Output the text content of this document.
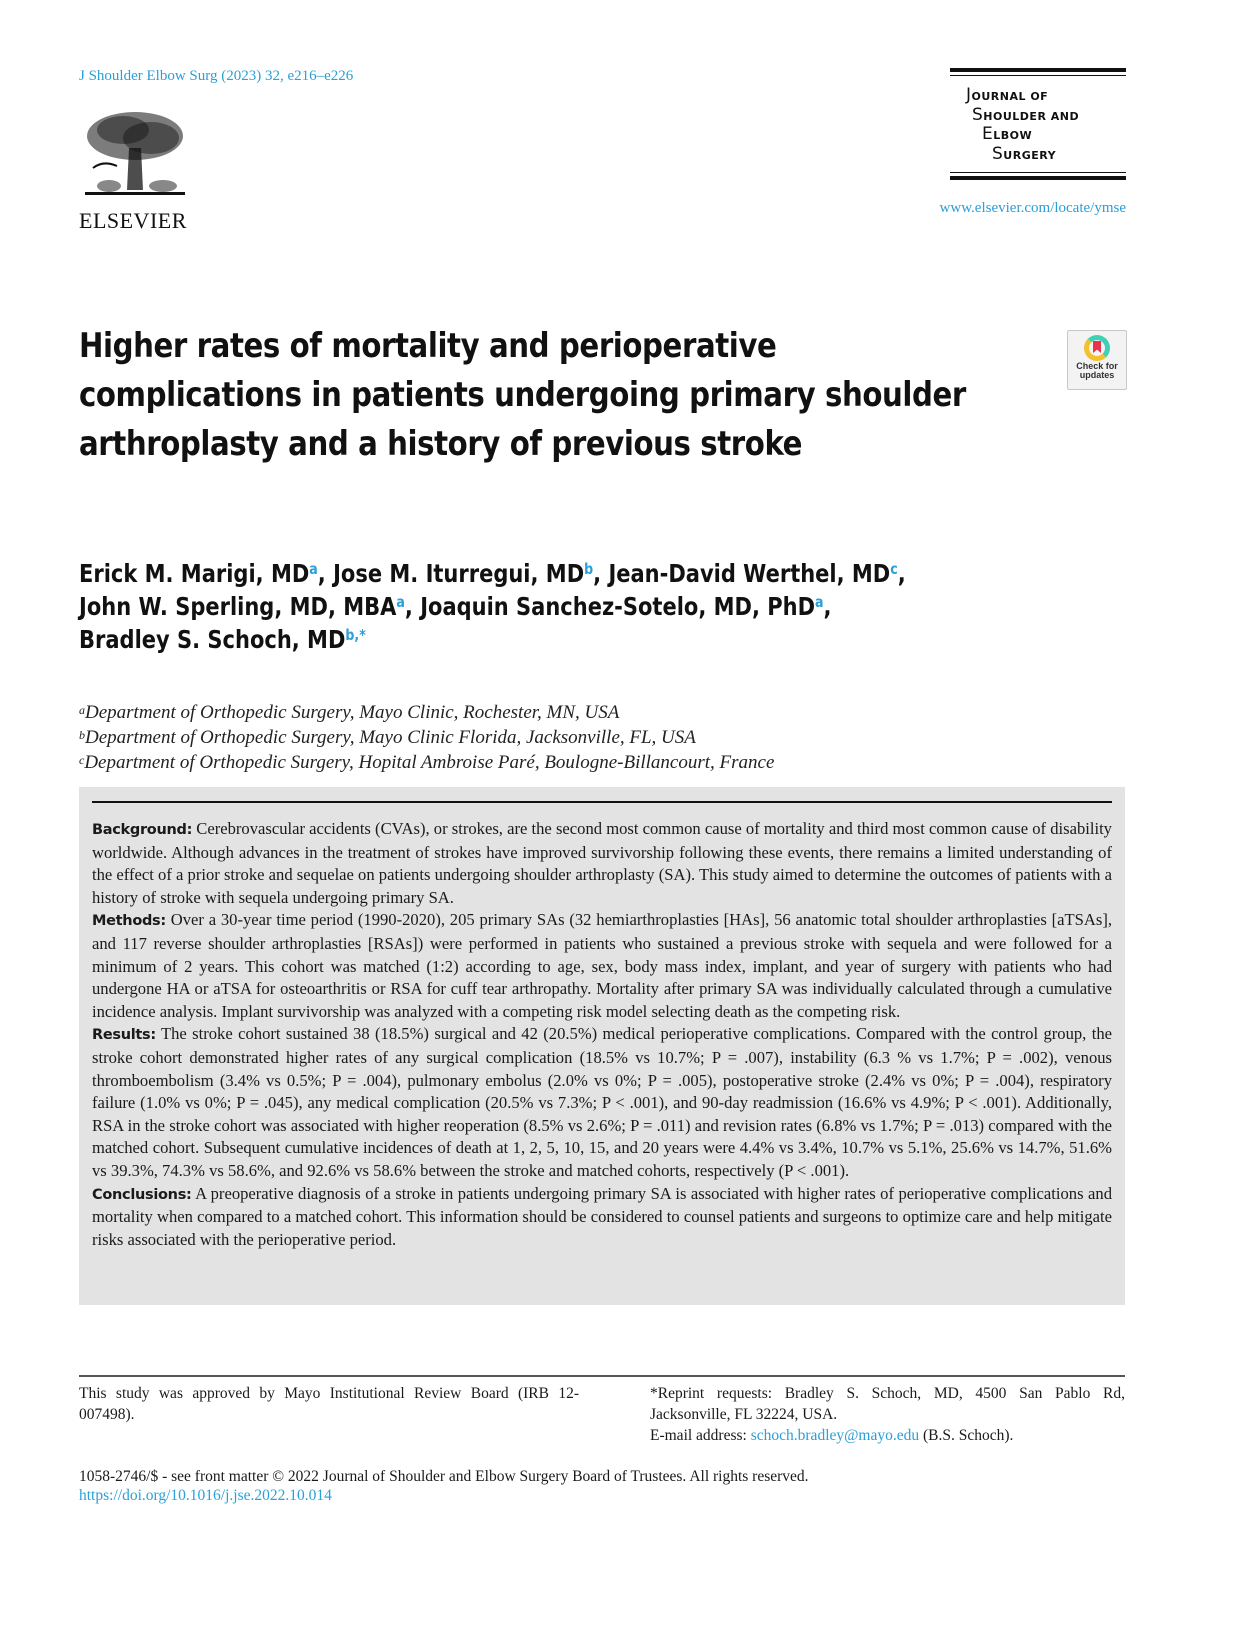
J Shoulder Elbow Surg (2023) 32, e216–e226
ELSEVIER
JOURNAL OF
SHOULDER AND
ELBOW
SURGERY
www.elsevier.com/locate/ymse
Higher rates of mortality and perioperative complications in patients undergoing primary shoulder arthroplasty and a history of previous stroke
Check for
updates
Erick M. Marigi, MD$^a$, Jose M. Iturregui, MD$^b$, Jean-David Werthel, MD$^c$,
John W. Sperling, MD, MBA$^a$, Joaquin Sanchez-Sotelo, MD, PhD$^a$,
Bradley S. Schoch, MD$^{b,*}$
$^a$Department of Orthopedic Surgery, Mayo Clinic, Rochester, MN, USA
$^b$Department of Orthopedic Surgery, Mayo Clinic Florida, Jacksonville, FL, USA
$^c$Department of Orthopedic Surgery, Hopital Ambroise Paré, Boulogne-Billancourt, France

Background: Cerebrovascular accidents (CVAs), or strokes, are the second most common cause of mortality and third most common cause of disability worldwide. Although advances in the treatment of strokes have improved survivorship following these events, there remains a limited understanding of the effect of a prior stroke and sequelae on patients undergoing shoulder arthroplasty (SA). This study aimed to determine the outcomes of patients with a history of stroke with sequela undergoing primary SA.

Methods: Over a 30-year time period (1990-2020), 205 primary SAs (32 hemiarthroplasties [HAs], 56 anatomic total shoulder arthroplasties [aTSAs], and 117 reverse shoulder arthroplasties [RSAs]) were performed in patients who sustained a previous stroke with sequela and were followed for a minimum of 2 years. This cohort was matched (1:2) according to age, sex, body mass index, implant, and year of surgery with patients who had undergone HA or aTSA for osteoarthritis or RSA for cuff tear arthropathy. Mortality after primary SA was individually calculated through a cumulative incidence analysis. Implant survivorship was analyzed with a competing risk model selecting death as the competing risk.

Results: The stroke cohort sustained 38 (18.5%) surgical and 42 (20.5%) medical perioperative complications. Compared with the control group, the stroke cohort demonstrated higher rates of any surgical complication (18.5% vs 10.7%; P = .007), instability (6.3 % vs 1.7%; P = .002), venous thromboembolism (3.4% vs 0.5%; P = .004), pulmonary embolus (2.0% vs 0%; P = .005), postoperative stroke (2.4% vs 0%; P = .004), respiratory failure (1.0% vs 0%; P = .045), any medical complication (20.5% vs 7.3%; P < .001), and 90-day readmission (16.6% vs 4.9%; P < .001). Additionally, RSA in the stroke cohort was associated with higher reoperation (8.5% vs 2.6%; P = .011) and revision rates (6.8% vs 1.7%; P = .013) compared with the matched cohort. Subsequent cumulative incidences of death at 1, 2, 5, 10, 15, and 20 years were 4.4% vs 3.4%, 10.7% vs 5.1%, 25.6% vs 14.7%, 51.6% vs 39.3%, 74.3% vs 58.6%, and 92.6% vs 58.6% between the stroke and matched cohorts, respectively (P < .001).

Conclusions: A preoperative diagnosis of a stroke in patients undergoing primary SA is associated with higher rates of perioperative complications and mortality when compared to a matched cohort. This information should be considered to counsel patients and surgeons to optimize care and help mitigate risks associated with the perioperative period.

This study was approved by Mayo Institutional Review Board (IRB 12-007498).
*Reprint requests: Bradley S. Schoch, MD, 4500 San Pablo Rd, Jacksonville, FL 32224, USA.
E-mail address: schoch.bradley@mayo.edu (B.S. Schoch).
1058-2746/$ - see front matter © 2022 Journal of Shoulder and Elbow Surgery Board of Trustees. All rights reserved.
https://doi.org/10.1016/j.jse.2022.10.014
